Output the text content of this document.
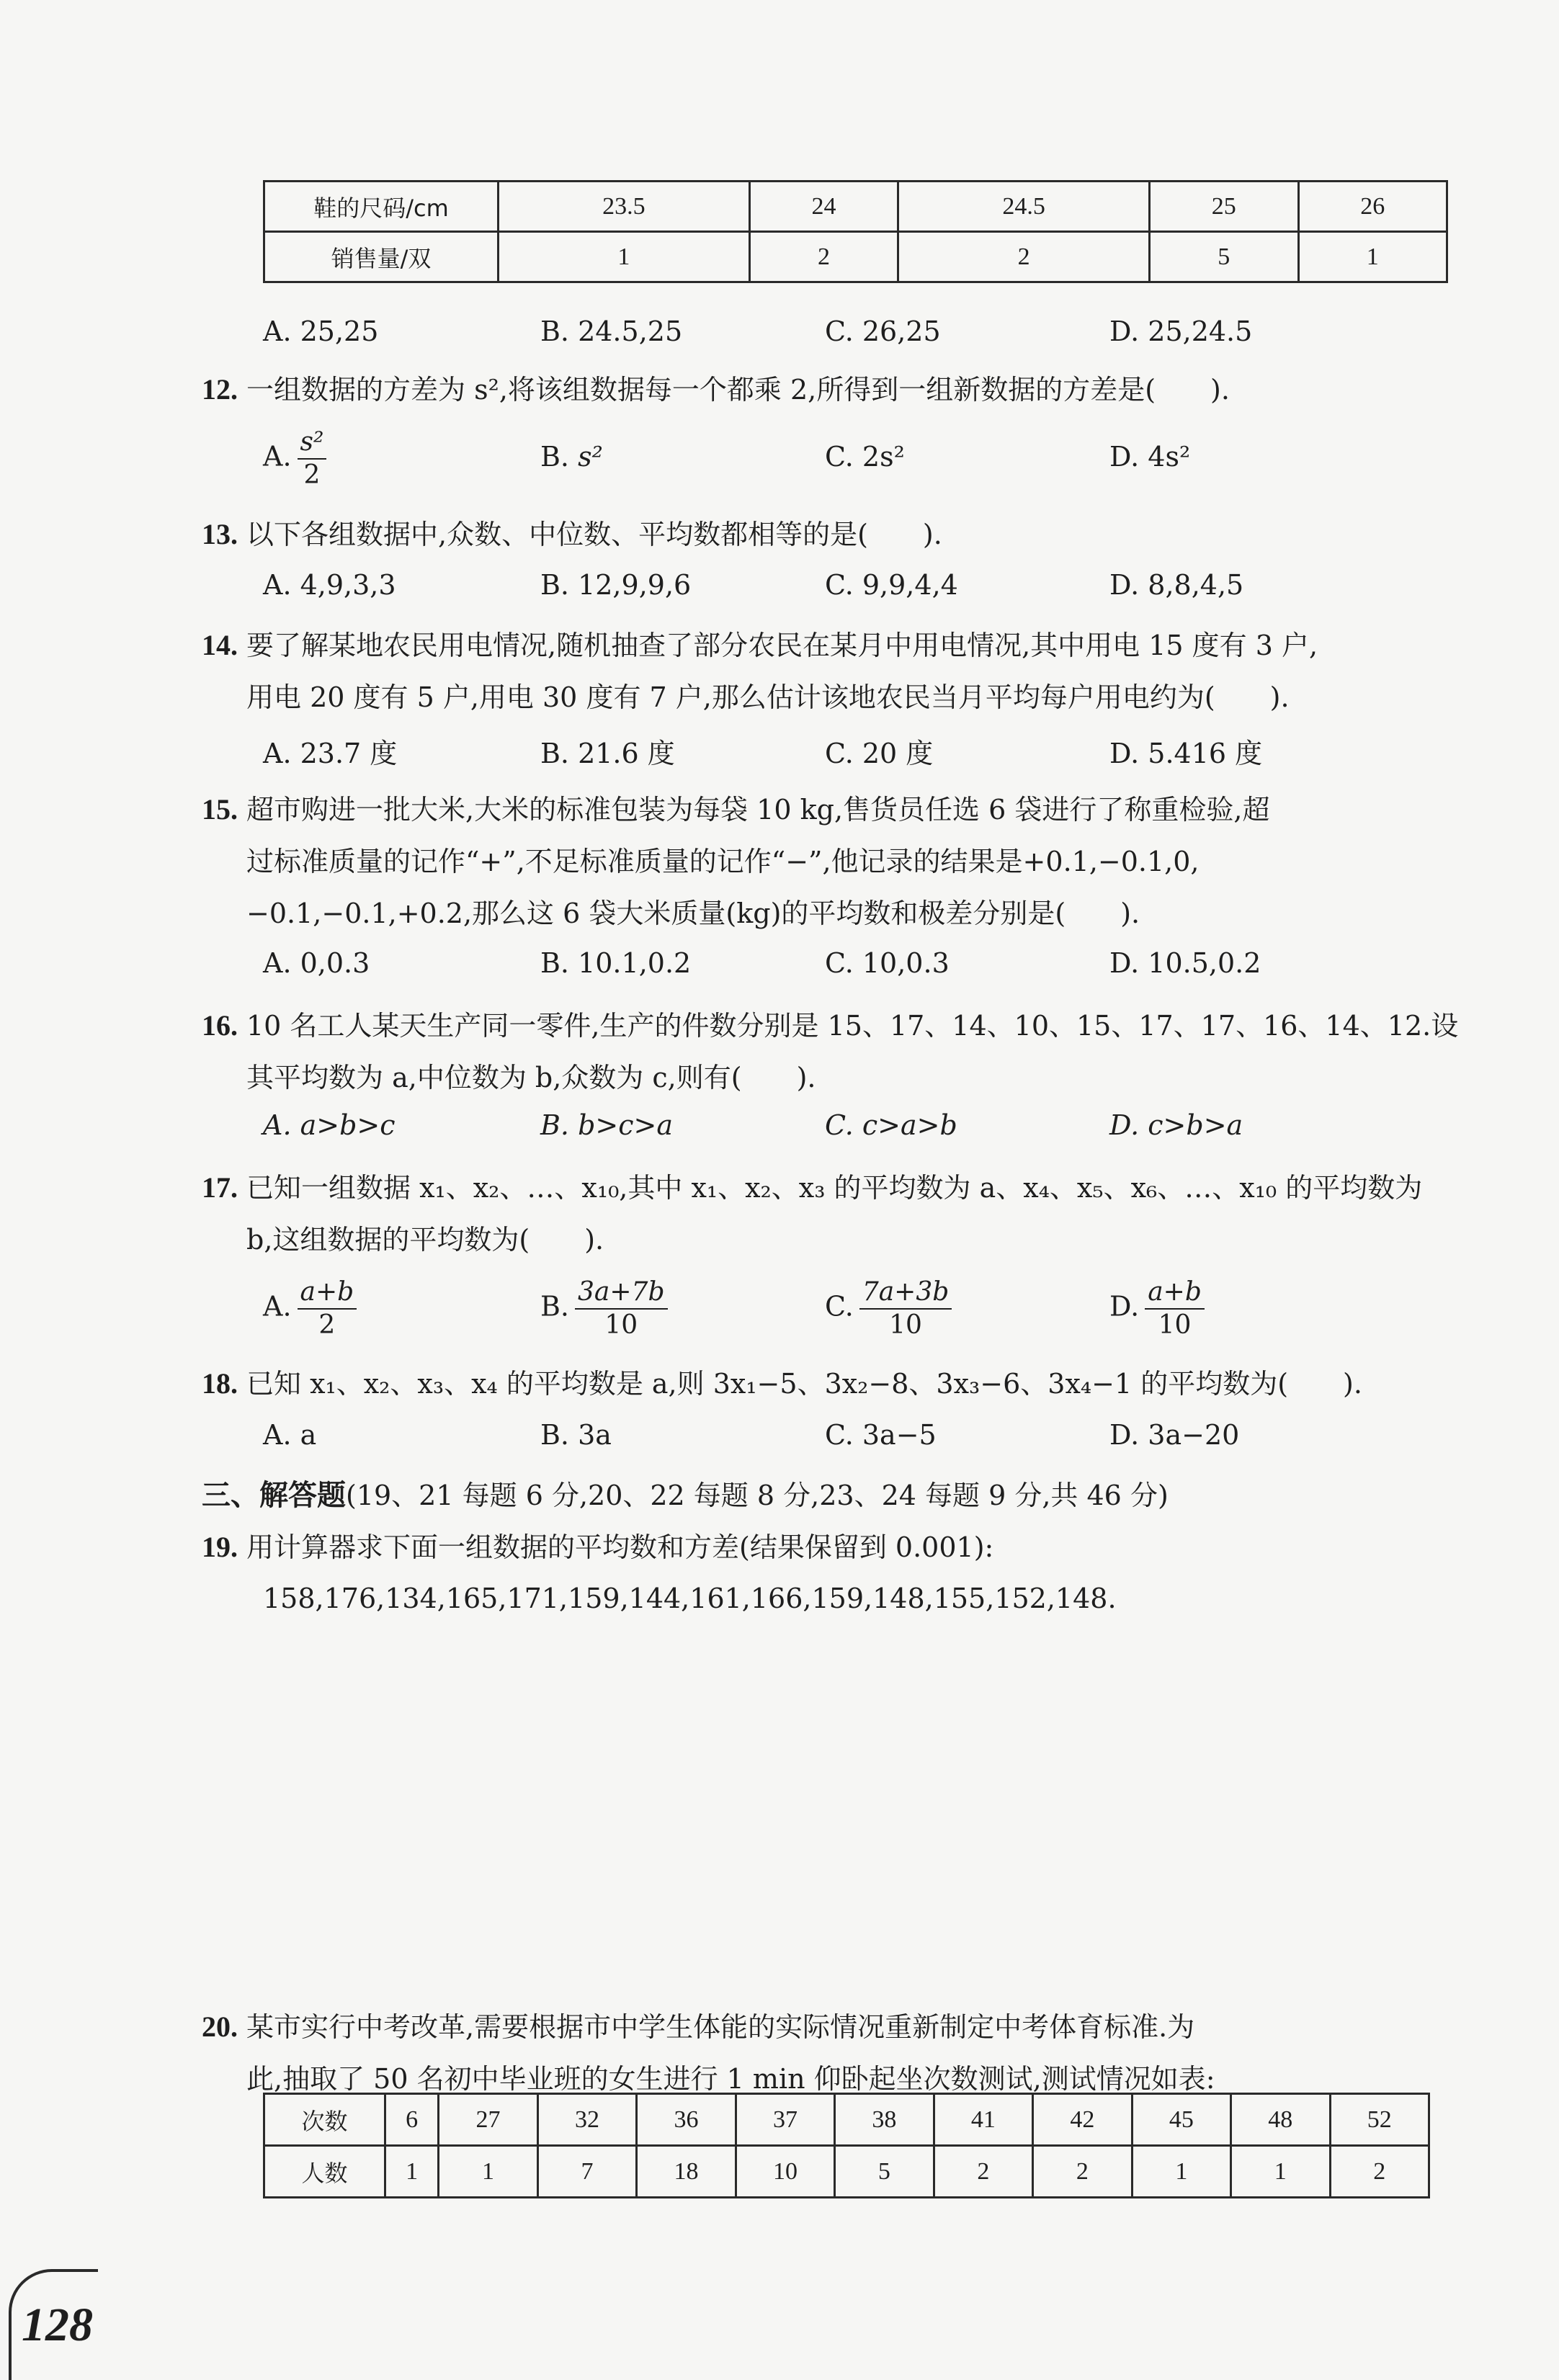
鞋的尺码/cm	23.5	24	24.5	25	26
销售量/双	1	2	2	5	1
A. 25,25	B. 24.5,25	C. 26,25	D. 25,24.5
12. 一组数据的方差为 s²,将该组数据每一个都乘 2,所得到一组新数据的方差是(　　).
A. $\frac{\text{s²}}{2}$	B. s²	C. 2s²	D. 4s²
13. 以下各组数据中,众数、中位数、平均数都相等的是(　　).
A. 4,9,3,3	B. 12,9,9,6	C. 9,9,4,4	D. 8,8,4,5
14. 要了解某地农民用电情况,随机抽查了部分农民在某月中用电情况,其中用电 15 度有 3 户,
用电 20 度有 5 户,用电 30 度有 7 户,那么估计该地农民当月平均每户用电约为(　　).
A. 23.7 度	B. 21.6 度	C. 20 度	D. 5.416 度
15. 超市购进一批大米,大米的标准包装为每袋 10 kg,售货员任选 6 袋进行了称重检验,超
过标准质量的记作“+”,不足标准质量的记作“−”,他记录的结果是+0.1,−0.1,0,
−0.1,−0.1,+0.2,那么这 6 袋大米质量(kg)的平均数和极差分别是(　　).
A. 0,0.3	B. 10.1,0.2	C. 10,0.3	D. 10.5,0.2
16. 10 名工人某天生产同一零件,生产的件数分别是 15、17、14、10、15、17、17、16、14、12.设
其平均数为 a,中位数为 b,众数为 c,则有(　　).
A. a>b>c	B. b>c>a	C. c>a>b	D. c>b>a
17. 已知一组数据 x₁、x₂、…、x₁₀,其中 x₁、x₂、x₃ 的平均数为 a、x₄、x₅、x₆、…、x₁₀ 的平均数为
b,这组数据的平均数为(　　).
A. $\frac{a+b}{2}$	B. $\frac{3a+7b}{10}$	C. $\frac{7a+3b}{10}$	D. $\frac{a+b}{10}$
18. 已知 x₁、x₂、x₃、x₄ 的平均数是 a,则 3x₁−5、3x₂−8、3x₃−6、3x₄−1 的平均数为(　　).
A. a	B. 3a	C. 3a−5	D. 3a−20
三、解答题(19、21 每题 6 分,20、22 每题 8 分,23、24 每题 9 分,共 46 分)
19. 用计算器求下面一组数据的平均数和方差(结果保留到 0.001):
158,176,134,165,171,159,144,161,166,159,148,155,152,148.
20. 某市实行中考改革,需要根据市中学生体能的实际情况重新制定中考体育标准.为
此,抽取了 50 名初中毕业班的女生进行 1 min 仰卧起坐次数测试,测试情况如表:
次数	6	27	32	36	37	38	41	42	45	48	52
人数	1	1	7	18	10	5	2	2	1	1	2
128
